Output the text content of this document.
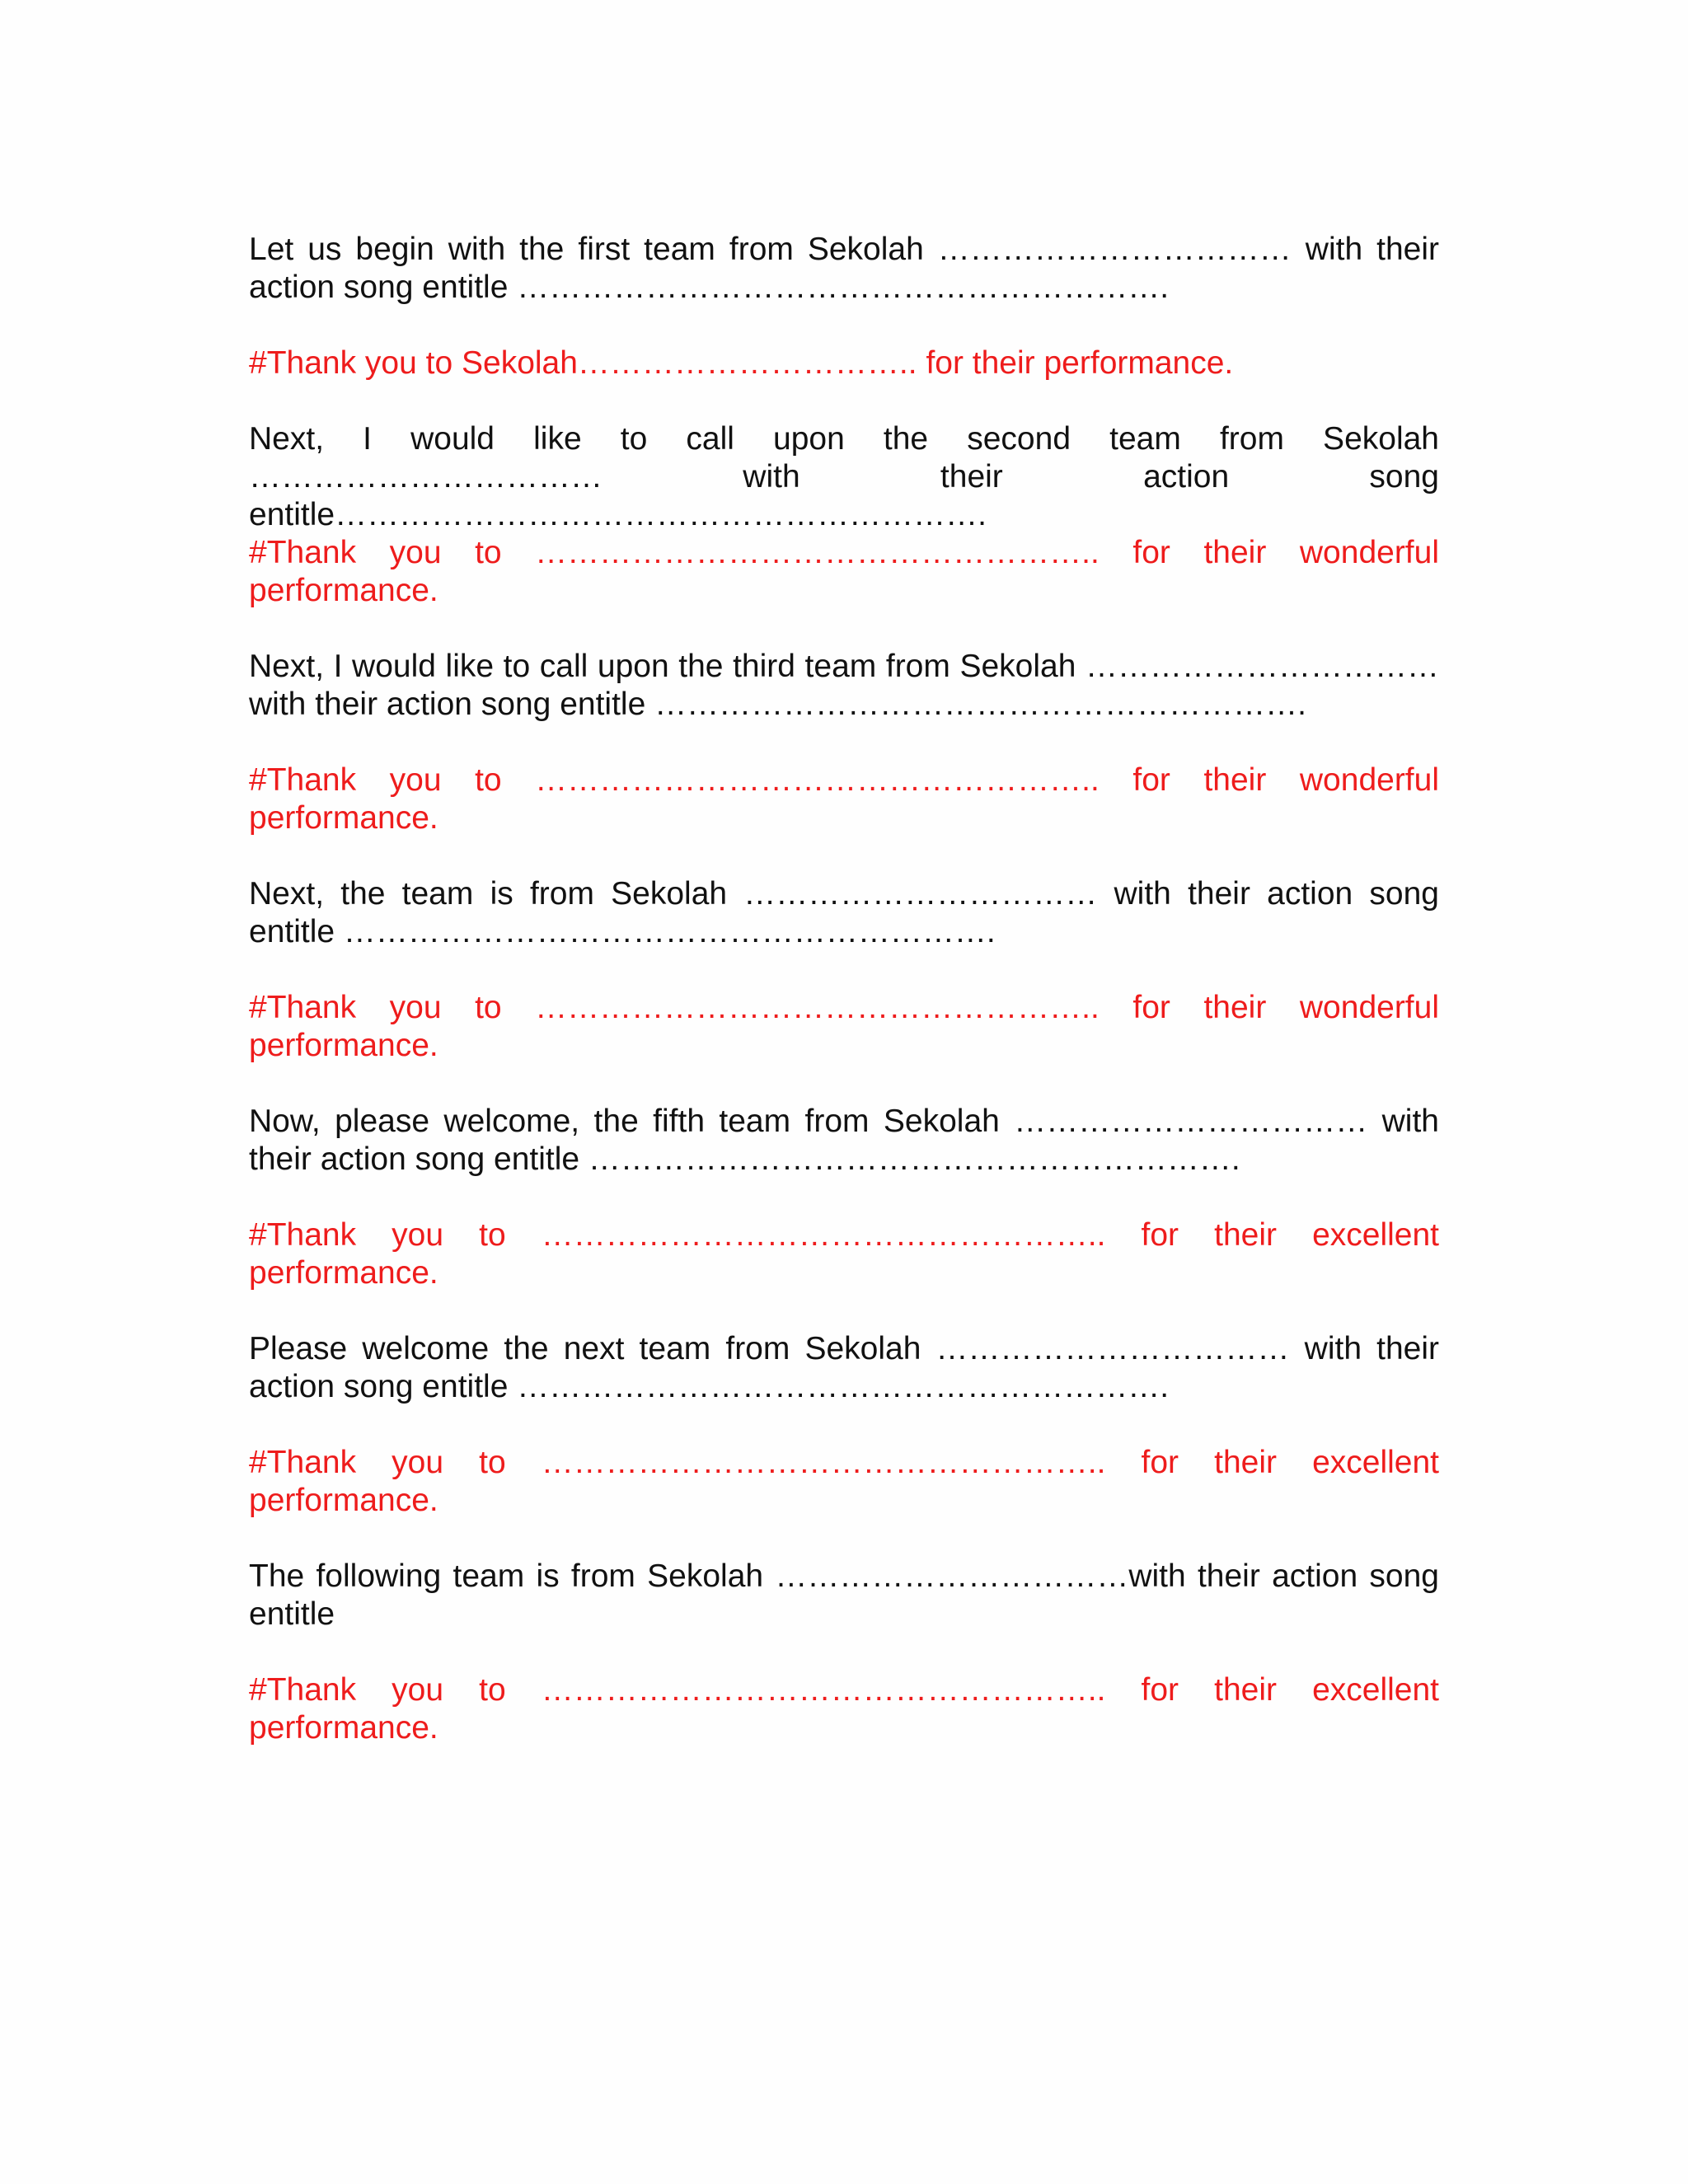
Let us begin with the first team from Sekolah …………………………… with their action song entitle …………………………………………………….

#Thank you to Sekolah………………………….. for their performance.

Next, I would like to call upon the second team from Sekolah …………………………… with their action song entitle…………………………………………………….

#Thank you to …………………………………………….. for their wonderful performance.

Next, I would like to call upon the third team from Sekolah …………………………… with their action song entitle …………………………………………………….

#Thank you to …………………………………………….. for their wonderful performance.

Next, the team is from Sekolah …………………………… with their action song entitle …………………………………………………….

#Thank you to …………………………………………….. for their wonderful performance.

Now, please welcome, the fifth team from Sekolah …………………………… with their action song entitle …………………………………………………….

#Thank you to …………………………………………….. for their excellent performance.

Please welcome the next team from Sekolah …………………………… with their action song entitle …………………………………………………….

#Thank you to …………………………………………….. for their excellent performance.

The following team is from Sekolah ……………………………with their action song entitle

#Thank you to …………………………………………….. for their excellent performance.
